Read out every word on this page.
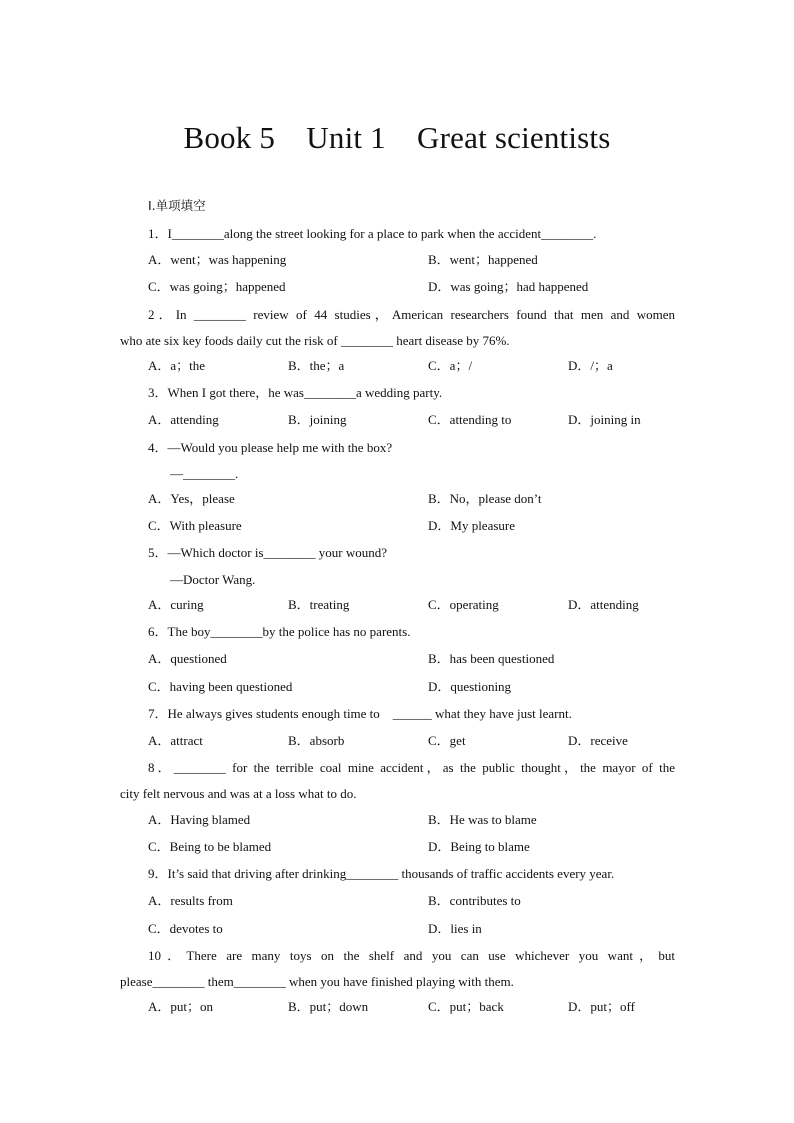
Book 5　Unit 1　Great scientists
Ⅰ.单项填空
1．I________along the street looking for a place to park when the accident________.
A．went；was happening	B．went；happened
C．was going；happened	D．was going；had happened
2．In ________ review of 44 studies，American researchers found that men and women
who ate six key foods daily cut the risk of ________ heart disease by 76%.
A．a；the	B．the；a	C．a；/	D．/；a
3．When I got there，he was________a wedding party.
A．attending	B．joining	C．attending to	D．joining in
4．—Would you please help me with the box?
—________.
A．Yes，please	B．No，please don’t
C．With pleasure	D．My pleasure
5．—Which doctor is________ your wound?
—Doctor Wang.
A．curing	B．treating	C．operating	D．attending
6．The boy________by the police has no parents.
A．questioned	B．has been questioned
C．having been questioned	D．questioning
7．He always gives students enough time to　______ what they have just learnt.
A．attract	B．absorb	C．get	D．receive
8．________ for the terrible coal mine accident，as the public thought，the mayor of the
city felt nervous and was at a loss what to do.
A．Having blamed	B．He was to blame
C．Being to be blamed	D．Being to blame
9．It’s said that driving after drinking________ thousands of traffic accidents every year.
A．results from	B．contributes to
C．devotes to	D．lies in
10．There are many toys on the shelf and you can use whichever you want，but
please________ them________ when you have finished playing with them.
A．put；on	B．put；down	C．put；back	D．put；off
